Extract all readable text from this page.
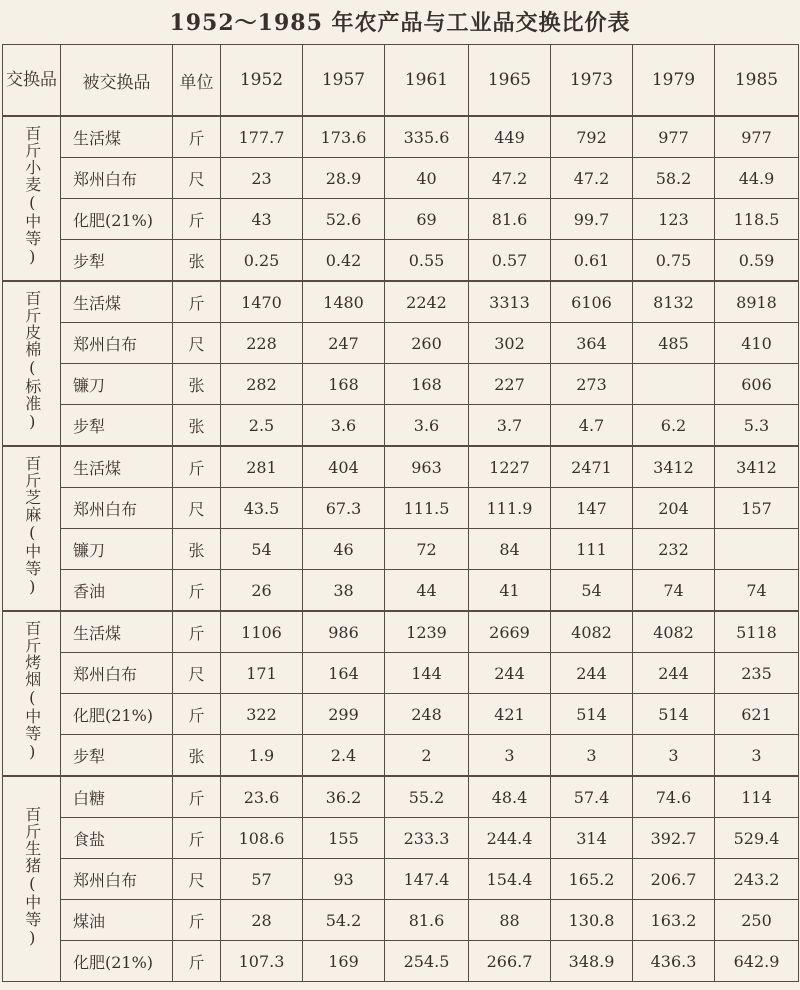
1952～1985 年农产品与工业品交换比价表
交换品	被交换品	单位	1952	1957	1961	1965	1973	1979	1985
百斤小麦(中等)	生活煤	斤	177.7	173.6	335.6	449	792	977	977
	郑州白布	尺	23	28.9	40	47.2	47.2	58.2	44.9
	化肥(21%)	斤	43	52.6	69	81.6	99.7	123	118.5
	步犁	张	0.25	0.42	0.55	0.57	0.61	0.75	0.59
百斤皮棉(标准)	生活煤	斤	1470	1480	2242	3313	6106	8132	8918
	郑州白布	尺	228	247	260	302	364	485	410
	镰刀	张	282	168	168	227	273		606
	步犁	张	2.5	3.6	3.6	3.7	4.7	6.2	5.3
百斤芝麻(中等)	生活煤	斤	281	404	963	1227	2471	3412	3412
	郑州白布	尺	43.5	67.3	111.5	111.9	147	204	157
	镰刀	张	54	46	72	84	111	232	
	香油	斤	26	38	44	41	54	74	74
百斤烤烟(中等)	生活煤	斤	1106	986	1239	2669	4082	4082	5118
	郑州白布	尺	171	164	144	244	244	244	235
	化肥(21%)	斤	322	299	248	421	514	514	621
	步犁	张	1.9	2.4	2	3	3	3	3
百斤生猪(中等)	白糖	斤	23.6	36.2	55.2	48.4	57.4	74.6	114
	食盐	斤	108.6	155	233.3	244.4	314	392.7	529.4
	郑州白布	尺	57	93	147.4	154.4	165.2	206.7	243.2
	煤油	斤	28	54.2	81.6	88	130.8	163.2	250
	化肥(21%)	斤	107.3	169	254.5	266.7	348.9	436.3	642.9
